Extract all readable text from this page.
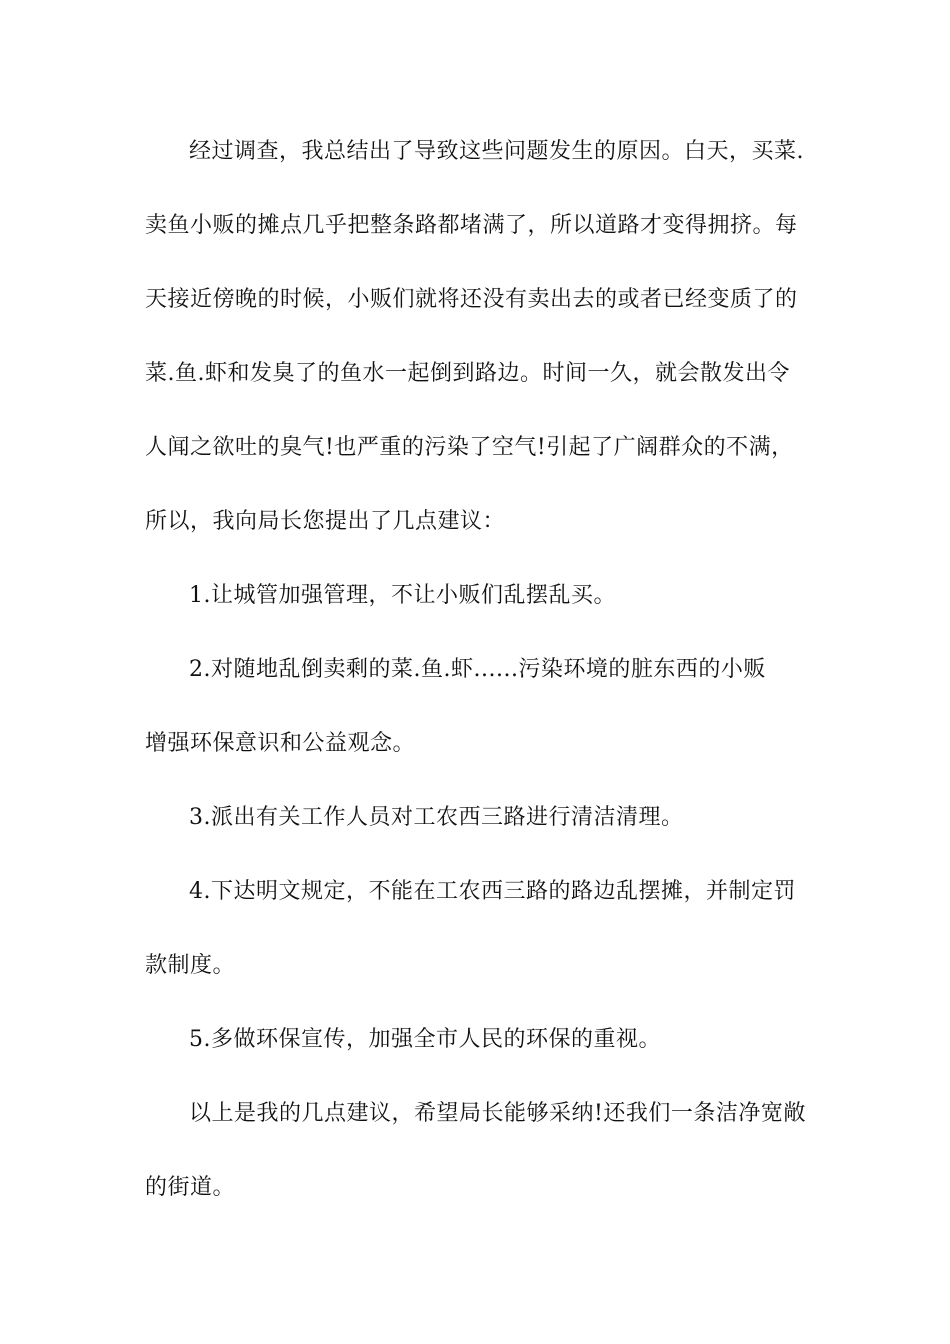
经过调查，我总结出了导致这些问题发生的原因。白天，买菜.
卖鱼小贩的摊点几乎把整条路都堵满了，所以道路才变得拥挤。每
天接近傍晚的时候，小贩们就将还没有卖出去的或者已经变质了的
菜.鱼.虾和发臭了的鱼水一起倒到路边。时间一久，就会散发出令
人闻之欲吐的臭气!也严重的污染了空气!引起了广阔群众的不满，
所以，我向局长您提出了几点建议：
1.让城管加强管理，不让小贩们乱摆乱买。
2.对随地乱倒卖剩的菜.鱼.虾......污染环境的脏东西的小贩
增强环保意识和公益观念。
3.派出有关工作人员对工农西三路进行清洁清理。
4.下达明文规定，不能在工农西三路的路边乱摆摊，并制定罚
款制度。
5.多做环保宣传，加强全市人民的环保的重视。
以上是我的几点建议，希望局长能够采纳!还我们一条洁净宽敞
的街道。
